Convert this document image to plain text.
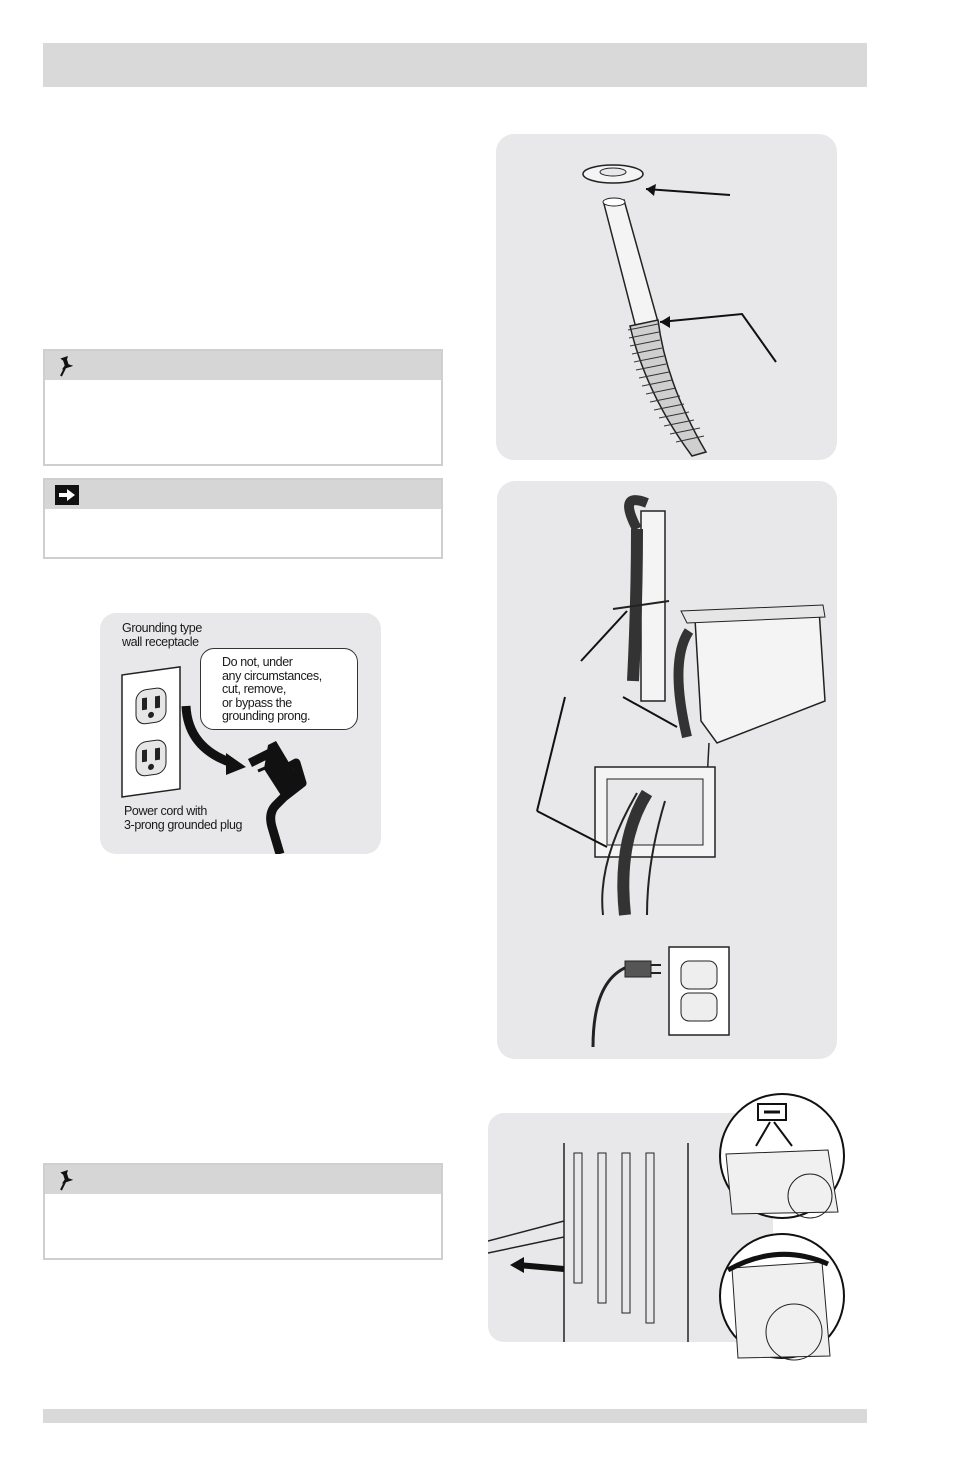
Grounding type
wall receptacle
Do not, under
any circumstances,
cut, remove,
or bypass the
grounding prong.
Power cord with
3-prong grounded plug
